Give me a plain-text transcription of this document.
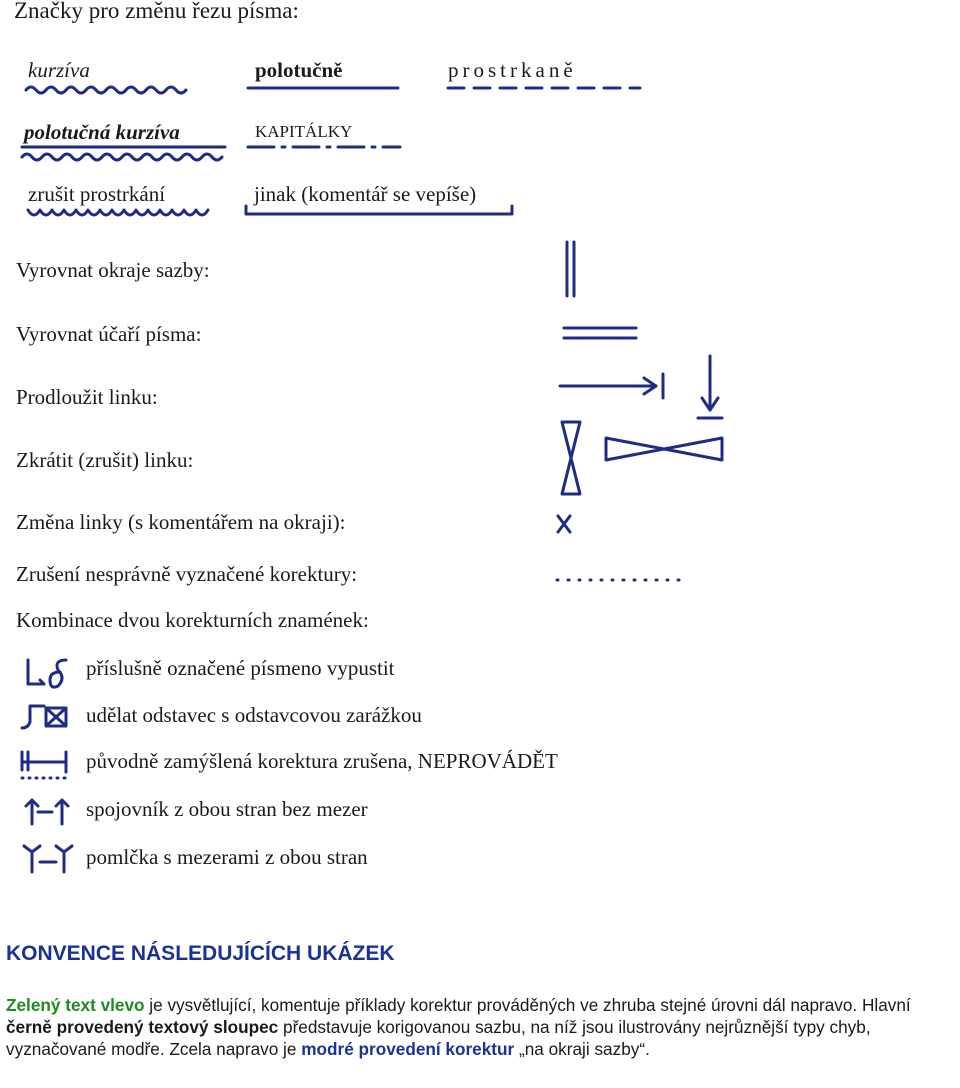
Značky pro změnu řezu písma:
kurzíva	polotučně	prostrkaně
polotučná kurzíva	KAPITÁLKY
zrušit prostrkání	jinak (komentář se vepíše)
Vyrovnat okraje sazby:
Vyrovnat účaří písma:
Prodloužit linku:
Zkrátit (zrušit) linku:
Změna linky (s komentářem na okraji):
Zrušení nesprávně vyznačené korektury:
Kombinace dvou korekturních znamének:
příslušně označené písmeno vypustit
udělat odstavec s odstavcovou zarážkou
původně zamýšlená korektura zrušena, NEPROVÁDĚT
spojovník z obou stran bez mezer
pomlčka s mezerami z obou stran
KONVENCE NÁSLEDUJÍCÍCH UKÁZEK
Zelený text vlevo je vysvětlující, komentuje příklady korektur prováděných ve zhruba stejné úrovni dál napravo. Hlavní černě provedený textový sloupec představuje korigovanou sazbu, na níž jsou ilustrovány nejrůznější typy chyb, vyznačované modře. Zcela napravo je modré provedení korektur „na okraji sazby“.
